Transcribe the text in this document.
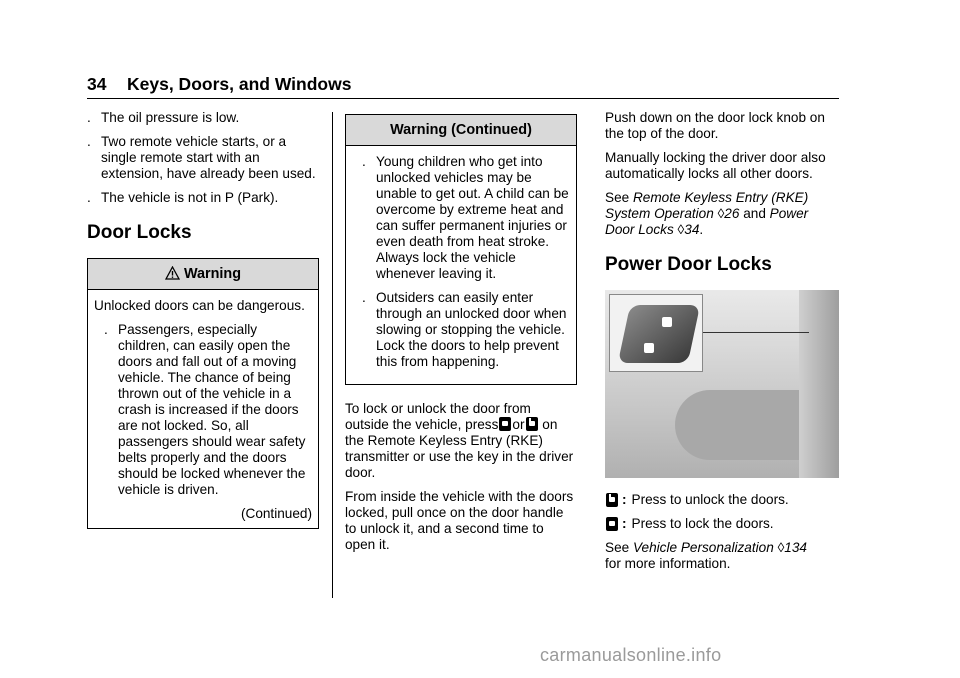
34 Keys, Doors, and Windows
. The oil pressure is low.
. Two remote vehicle starts, or a single remote start with an extension, have already been used.
. The vehicle is not in P (Park).
Door Locks
Warning

Unlocked doors can be dangerous.

. Passengers, especially children, can easily open the doors and fall out of a moving vehicle. The chance of being thrown out of the vehicle in a crash is increased if the doors are not locked. So, all passengers should wear safety belts properly and the doors should be locked whenever the vehicle is driven.
(Continued)
Warning (Continued)
. Young children who get into unlocked vehicles may be unable to get out. A child can be overcome by extreme heat and can suffer permanent injuries or even death from heat stroke. Always lock the vehicle whenever leaving it.
. Outsiders can easily enter through an unlocked door when slowing or stopping the vehicle. Lock the doors to help prevent this from happening.

To lock or unlock the door from outside the vehicle, press or on the Remote Keyless Entry (RKE) transmitter or use the key in the driver door.

From inside the vehicle with the doors locked, pull once on the door handle to unlock it, and a second time to open it.

Push down on the door lock knob on the top of the door.

Manually locking the driver door also automatically locks all other doors.

See Remote Keyless Entry (RKE) System Operation ◊26 and Power Door Locks ◊34.

Power Door Locks
: Press to unlock the doors.
: Press to lock the doors.

See Vehicle Personalization ◊134
for more information.

carmanualsonline.info
